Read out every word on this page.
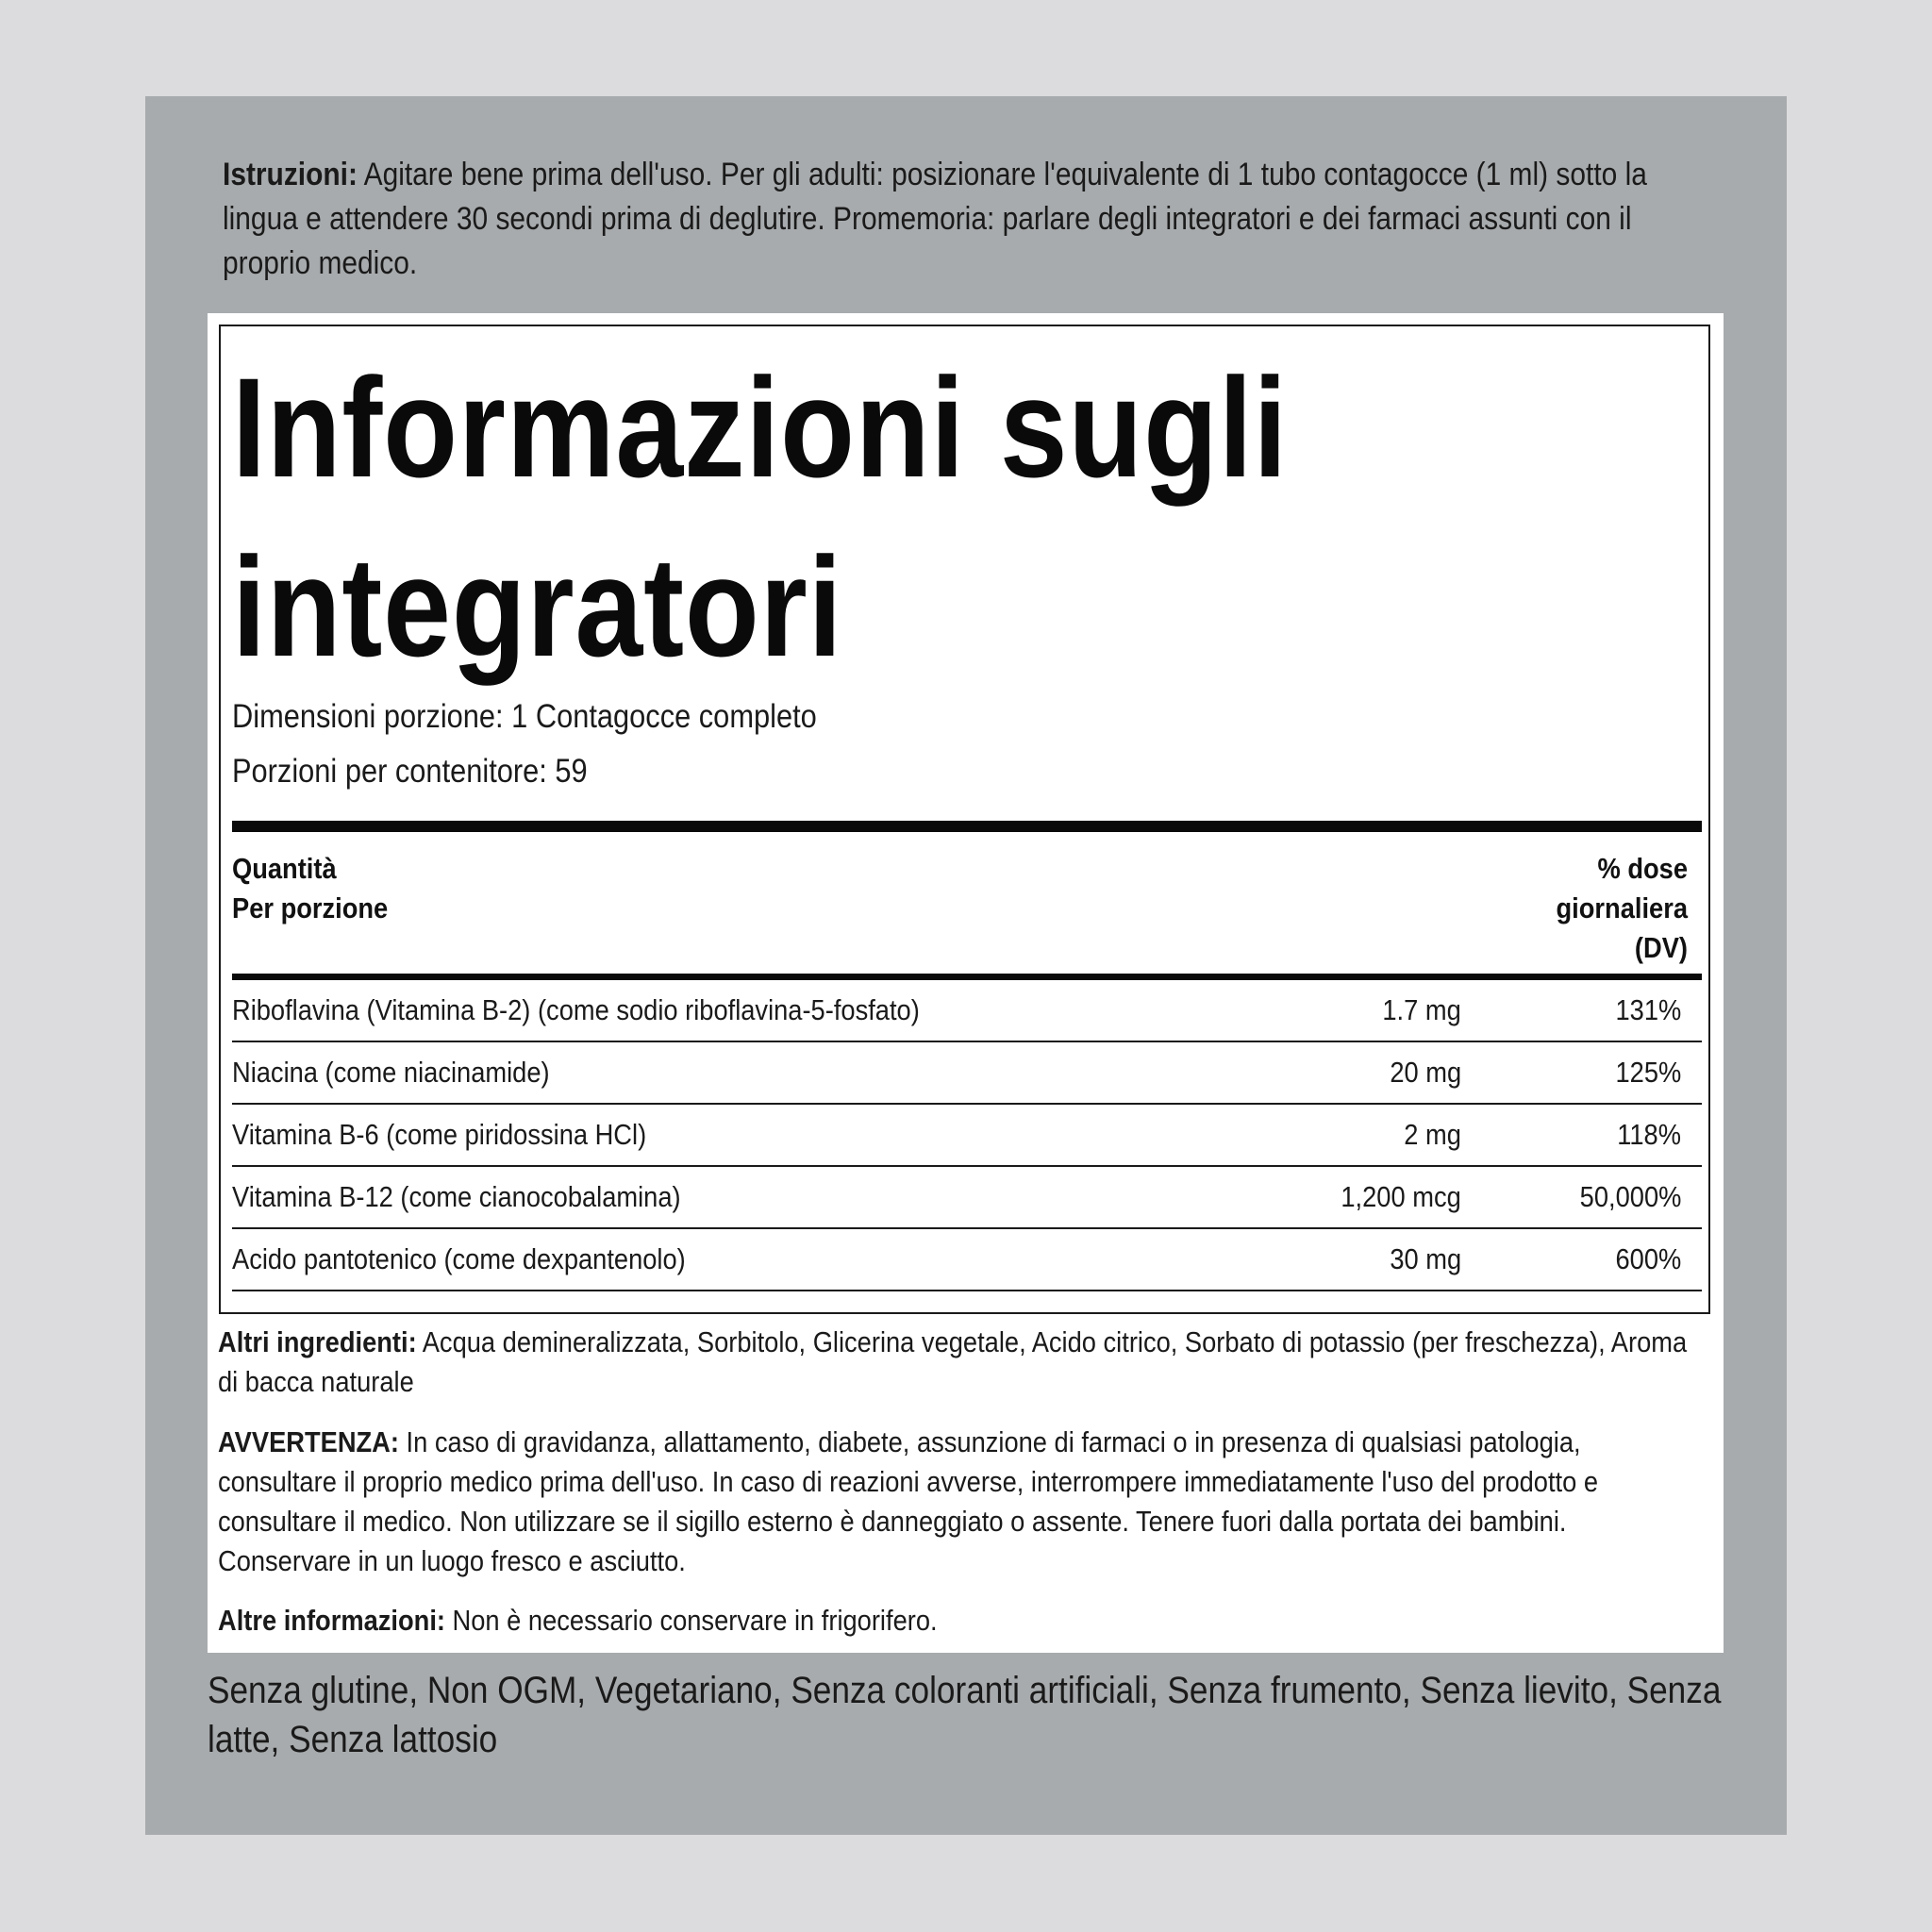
Istruzioni: Agitare bene prima dell'uso. Per gli adulti: posizionare l'equivalente di 1 tubo contagocce (1 ml) sotto la lingua e attendere 30 secondi prima di deglutire. Promemoria: parlare degli integratori e dei farmaci assunti con il proprio medico.
Informazioni sugli integratori
Dimensioni porzione: 1 Contagocce completo
Porzioni per contenitore: 59
Quantità
Per porzione
% dose
giornaliera
(DV)
Riboflavina (Vitamina B-2) (come sodio riboflavina-5-fosfato)	1.7 mg	131%
Niacina (come niacinamide)	20 mg	125%
Vitamina B-6 (come piridossina HCl)	2 mg	118%
Vitamina B-12 (come cianocobalamina)	1,200 mcg	50,000%
Acido pantotenico (come dexpantenolo)	30 mg	600%
Altri ingredienti: Acqua demineralizzata, Sorbitolo, Glicerina vegetale, Acido citrico, Sorbato di potassio (per freschezza), Aroma di bacca naturale
AVVERTENZA: In caso di gravidanza, allattamento, diabete, assunzione di farmaci o in presenza di qualsiasi patologia, consultare il proprio medico prima dell'uso. In caso di reazioni avverse, interrompere immediatamente l'uso del prodotto e consultare il medico. Non utilizzare se il sigillo esterno è danneggiato o assente. Tenere fuori dalla portata dei bambini. Conservare in un luogo fresco e asciutto.
Altre informazioni: Non è necessario conservare in frigorifero.
Senza glutine, Non OGM, Vegetariano, Senza coloranti artificiali, Senza frumento, Senza lievito, Senza latte, Senza lattosio
